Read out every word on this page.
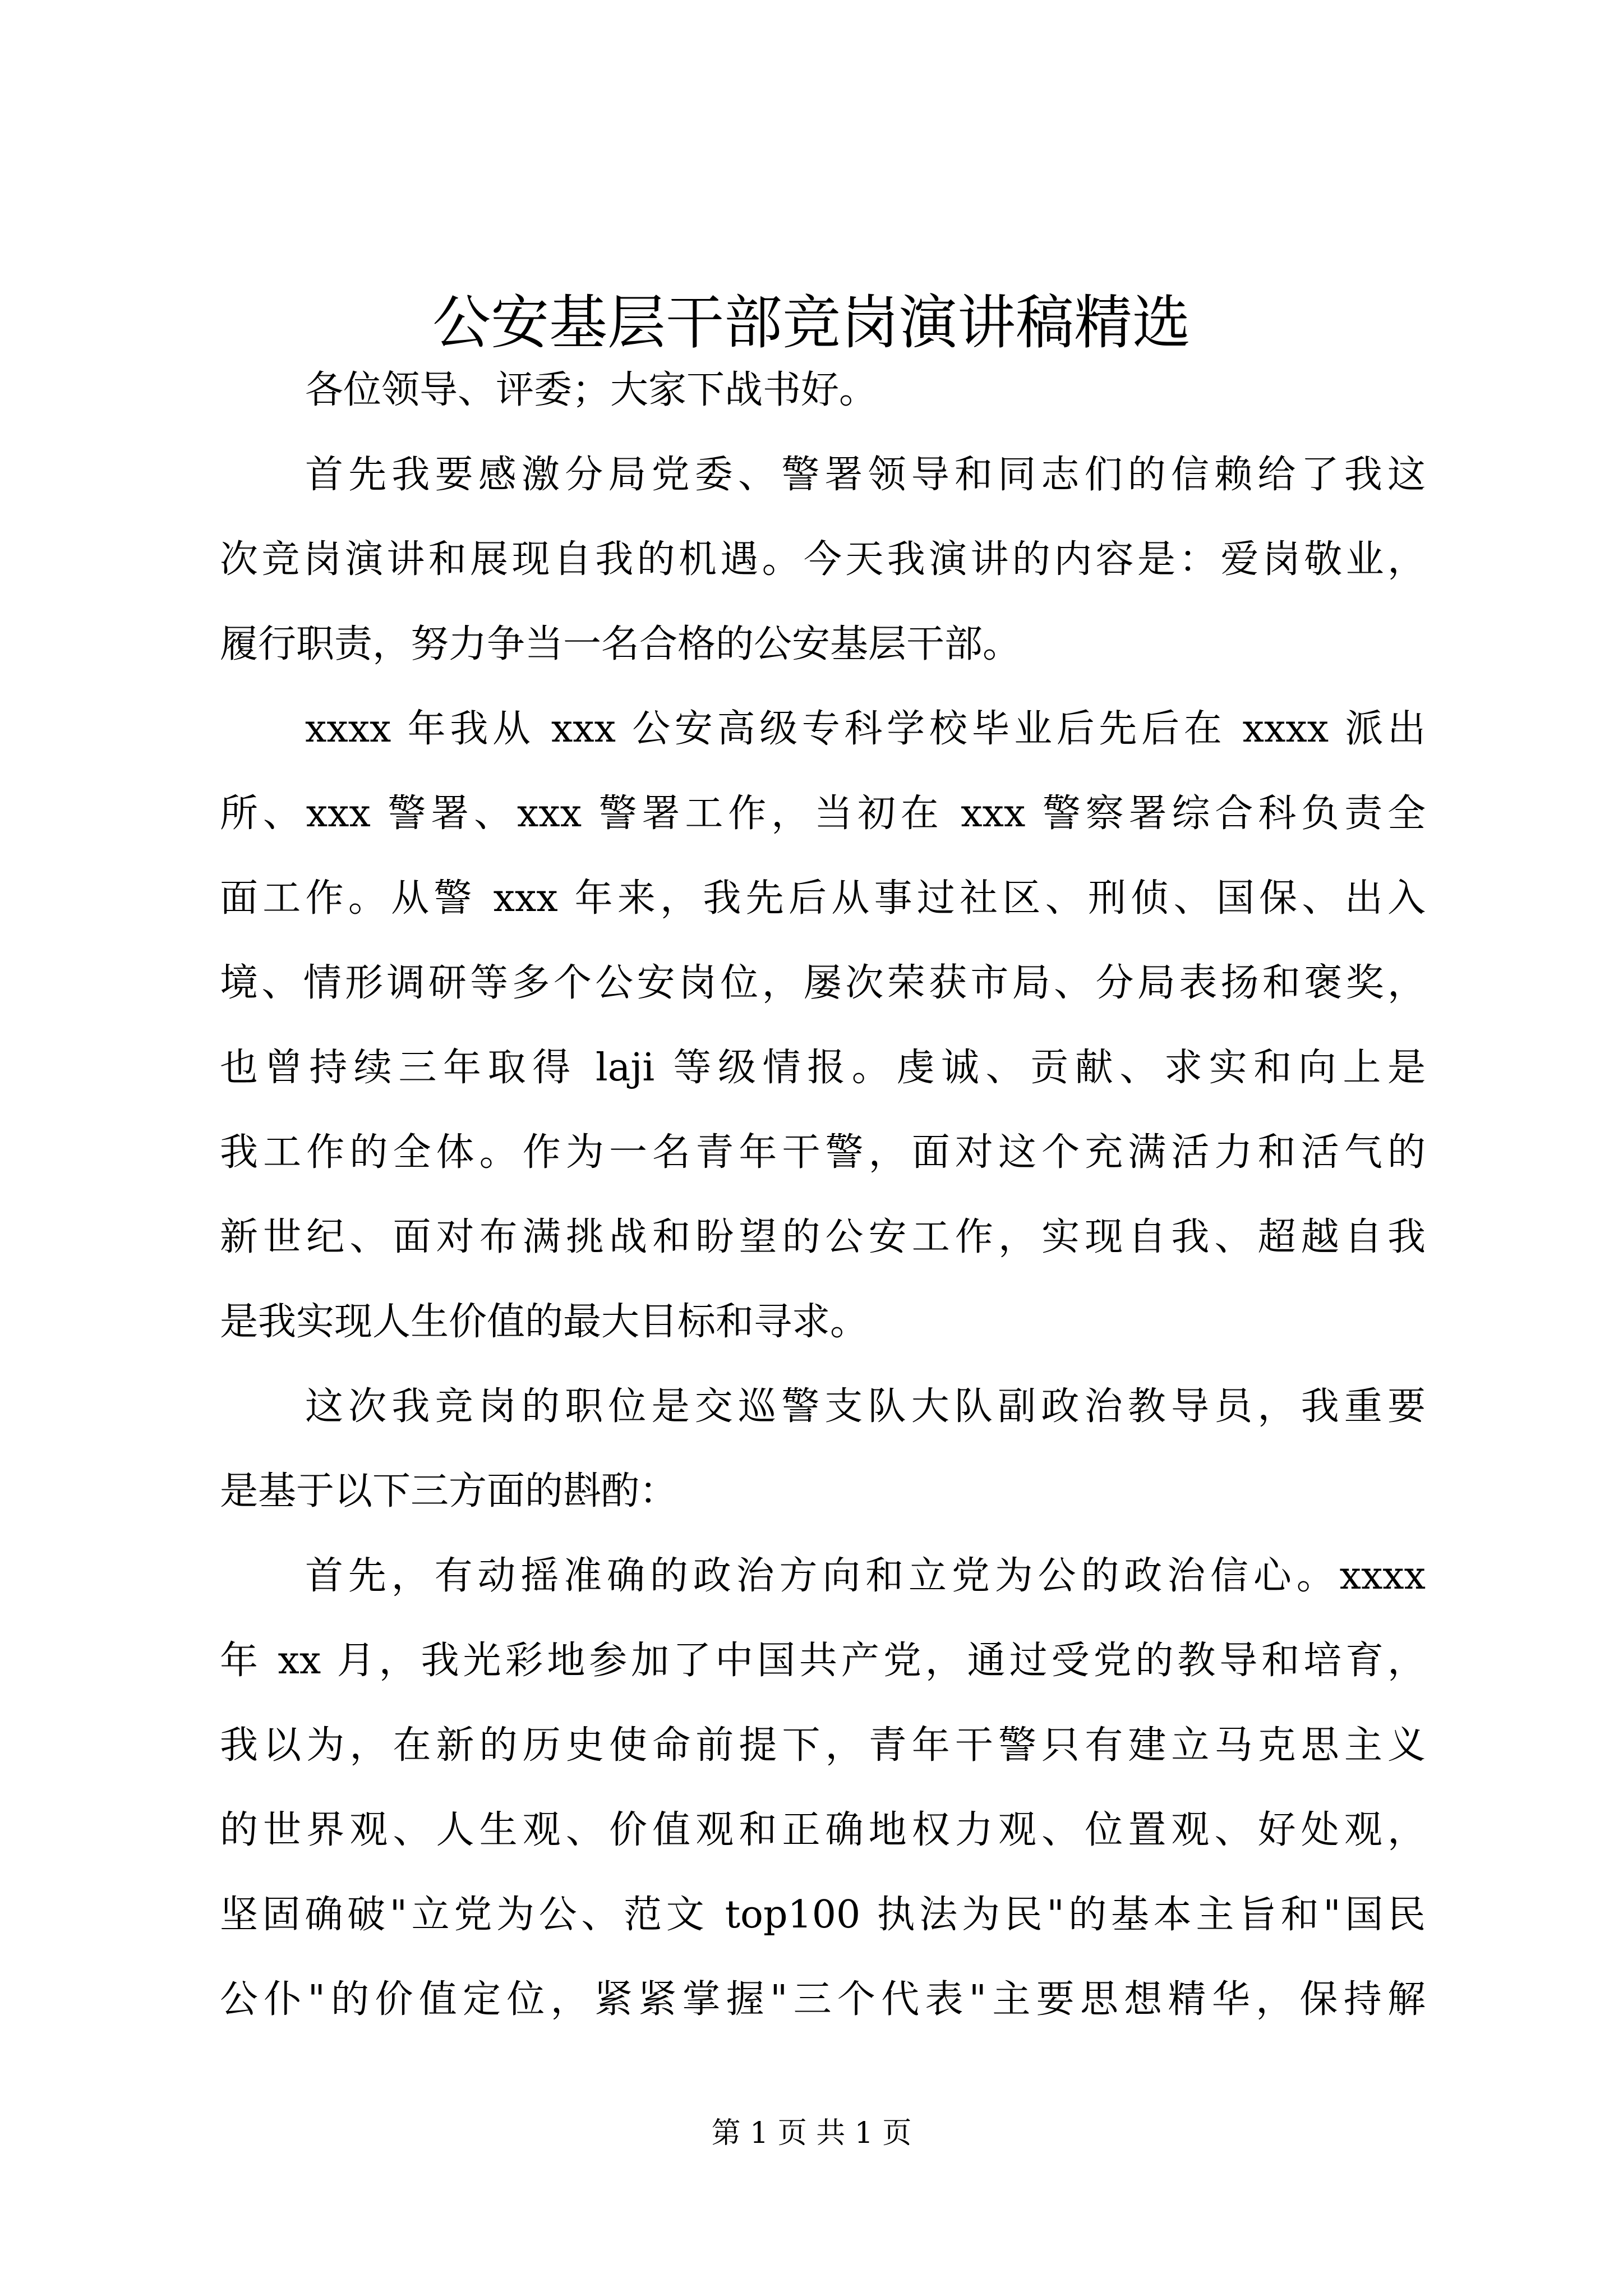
公安基层干部竞岗演讲稿精选
各位领导、评委；大家下战书好。
首先我要感激分局党委、警署领导和同志们的信赖给了我这
次竞岗演讲和展现自我的机遇。今天我演讲的内容是：爱岗敬业，
履行职责，努力争当一名合格的公安基层干部。
xxxx 年我从 xxx 公安高级专科学校毕业后先后在 xxxx 派出
所、xxx 警署、xxx 警署工作，当初在 xxx 警察署综合科负责全
面工作。从警 xxx 年来，我先后从事过社区、刑侦、国保、出入
境、情形调研等多个公安岗位，屡次荣获市局、分局表扬和褒奖，
也曾持续三年取得 laji 等级情报。虔诚、贡献、求实和向上是
我工作的全体。作为一名青年干警，面对这个充满活力和活气的
新世纪、面对布满挑战和盼望的公安工作，实现自我、超越自我
是我实现人生价值的最大目标和寻求。
这次我竞岗的职位是交巡警支队大队副政治教导员，我重要
是基于以下三方面的斟酌：
首先，有动摇准确的政治方向和立党为公的政治信心。xxxx
年 xx 月，我光彩地参加了中国共产党，通过受党的教导和培育，
我以为，在新的历史使命前提下，青年干警只有建立马克思主义
的世界观、人生观、价值观和正确地权力观、位置观、好处观，
坚固确破"立党为公、范文 top100 执法为民"的基本主旨和"国民
公仆"的价值定位，紧紧掌握"三个代表"主要思想精华，保持解
第 1 页 共 1 页
